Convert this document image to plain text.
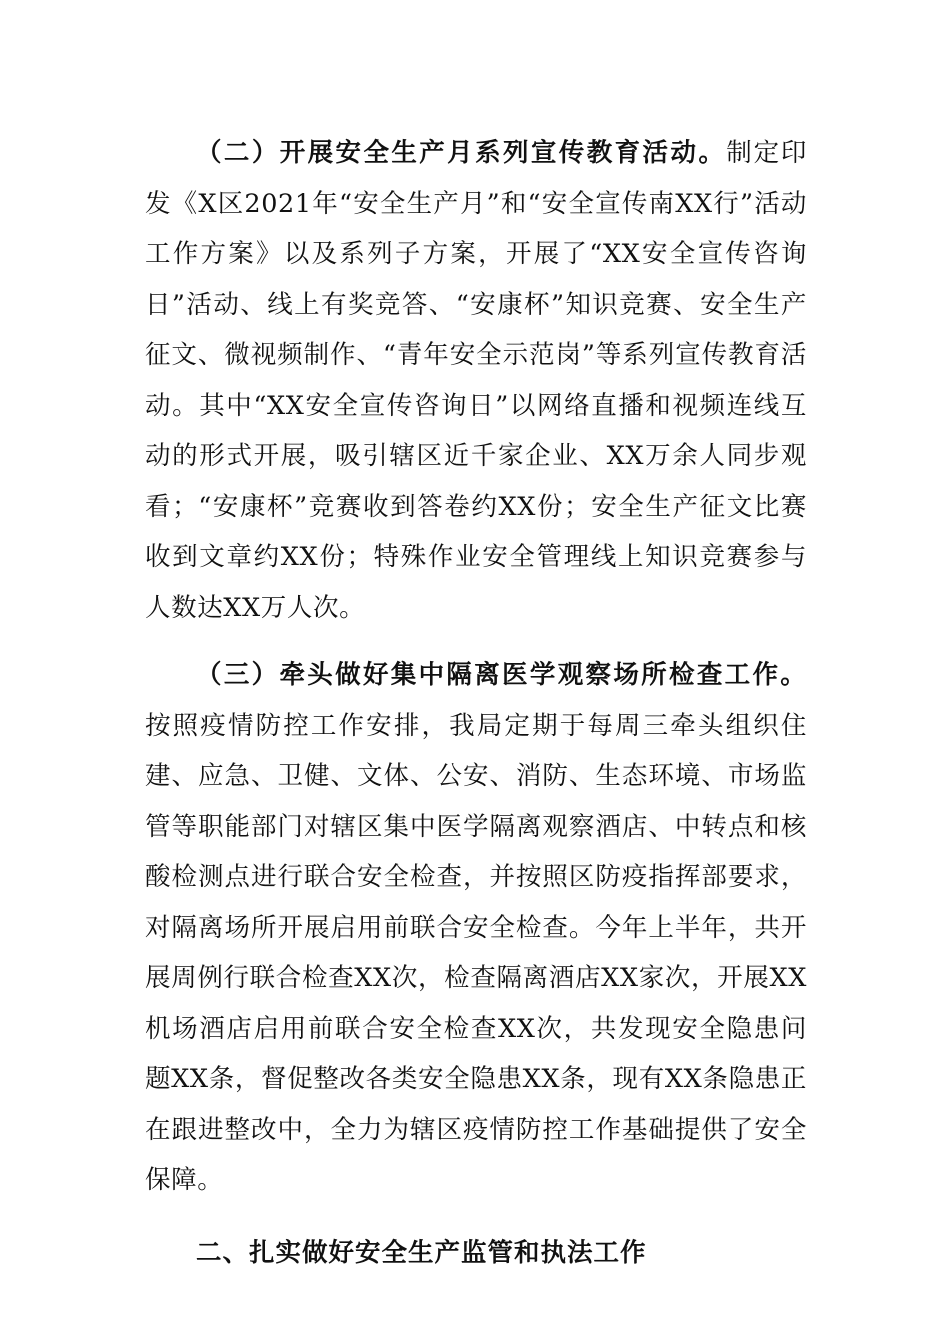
（二）开展安全生产月系列宣传教育活动。制定印发《X区2021年“安全生产月”和“安全宣传南XX行”活动工作方案》以及系列子方案，开展了“XX安全宣传咨询日”活动、线上有奖竞答、“安康杯”知识竞赛、安全生产征文、微视频制作、“青年安全示范岗”等系列宣传教育活动。其中“XX安全宣传咨询日”以网络直播和视频连线互动的形式开展，吸引辖区近千家企业、XX万余人同步观看；“安康杯”竞赛收到答卷约XX份；安全生产征文比赛收到文章约XX份；特殊作业安全管理线上知识竞赛参与人数达XX万人次。

（三）牵头做好集中隔离医学观察场所检查工作。按照疫情防控工作安排，我局定期于每周三牵头组织住建、应急、卫健、文体、公安、消防、生态环境、市场监管等职能部门对辖区集中医学隔离观察酒店、中转点和核酸检测点进行联合安全检查，并按照区防疫指挥部要求，对隔离场所开展启用前联合安全检查。今年上半年，共开展周例行联合检查XX次，检查隔离酒店XX家次，开展XX机场酒店启用前联合安全检查XX次，共发现安全隐患问题XX条，督促整改各类安全隐患XX条，现有XX条隐患正在跟进整改中，全力为辖区疫情防控工作基础提供了安全保障。

二、扎实做好安全生产监管和执法工作
